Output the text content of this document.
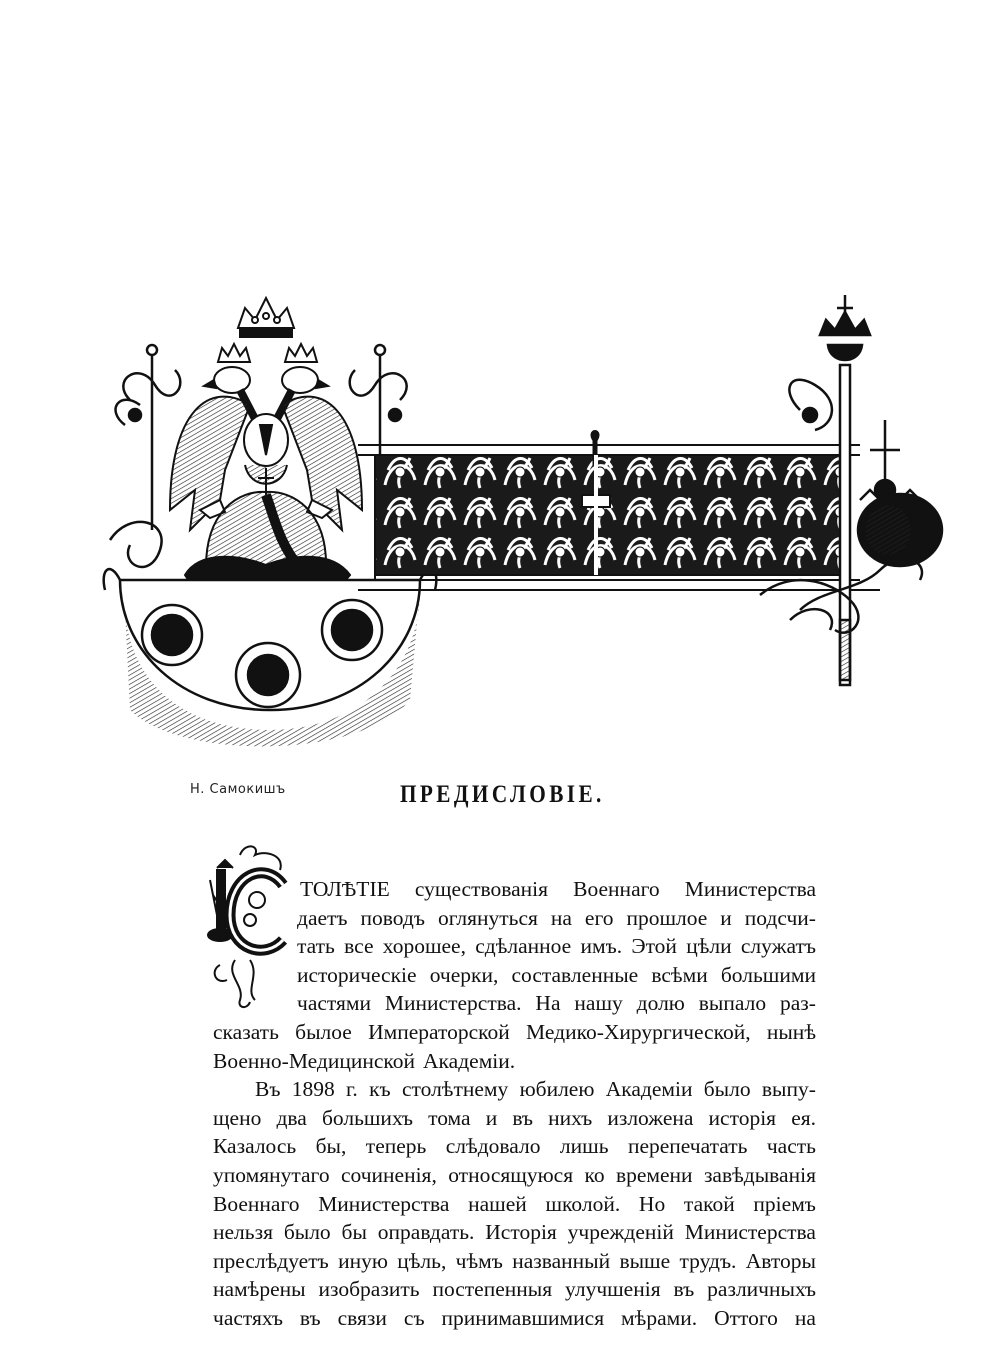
Н. Самокишъ	ПРЕДИСЛОВІЕ.
ТОЛѢТІЕ существованія Военнаго Министерства
даетъ поводъ оглянуться на его прошлое и подсчи-
тать все хорошее, сдѣланное имъ. Этой цѣли служатъ
историческіе очерки, составленные всѣми большими
частями Министерства. На нашу долю выпало раз-
сказать былое Императорской Медико-Хирургической, нынѣ
Военно-Медицинской Академіи.
Въ 1898 г. къ столѣтнему юбилею Академіи было выпу-
щено два большихъ тома и въ нихъ изложена исторія ея.
Казалось бы, теперь слѣдовало лишь перепечатать часть
упомянутаго сочиненія, относящуюся ко времени завѣдыванія
Военнаго Министерства нашей школой. Но такой пріемъ
нельзя было бы оправдать. Исторія учрежденій Министерства
преслѣдуетъ иную цѣль, чѣмъ названный выше трудъ. Авторы
намѣрены изобразить постепенныя улучшенія въ различныхъ
частяхъ въ связи съ принимавшимися мѣрами. Оттого на
